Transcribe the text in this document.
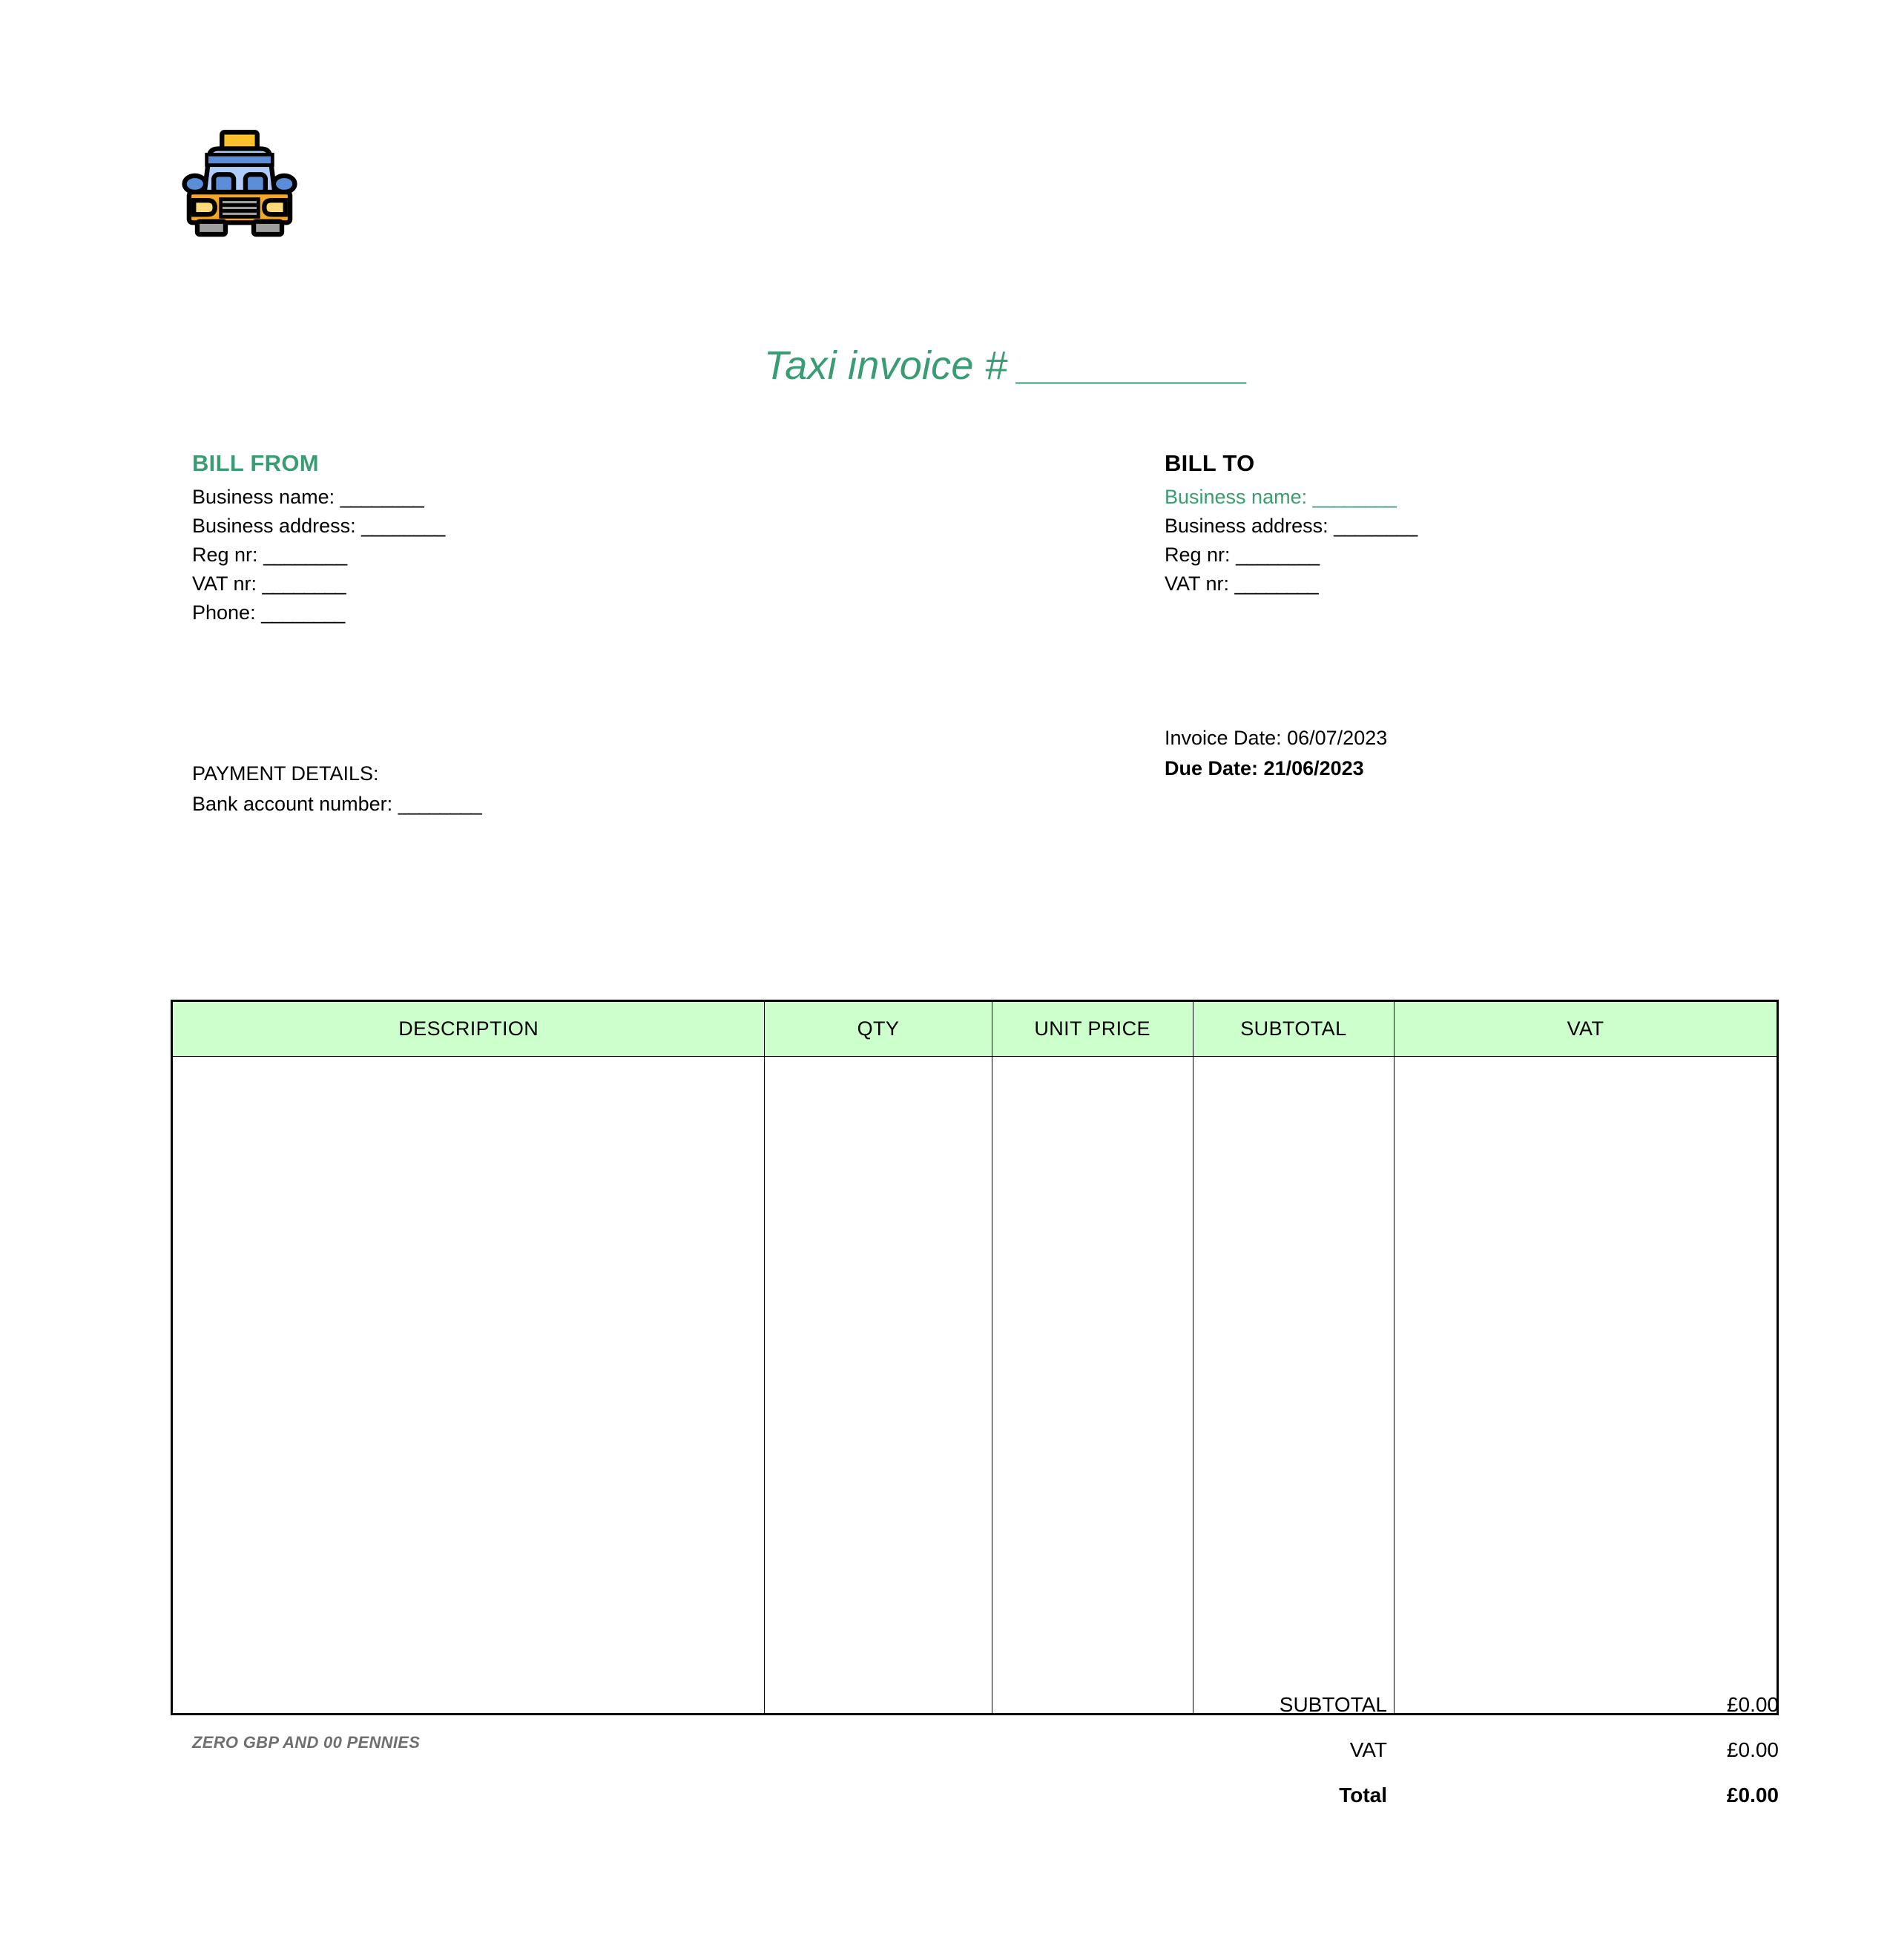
Taxi invoice # ___________
BILL FROM
Business name: ________
Business address: ________
Reg nr: ________
VAT nr: ________
Phone: ________
BILL TO
Business name: ________
Business address: ________
Reg nr: ________
VAT nr: ________
Invoice Date: 06/07/2023
Due Date: 21/06/2023
PAYMENT DETAILS:
Bank account number: ________
DESCRIPTION	QTY	UNIT PRICE	SUBTOTAL	VAT

ZERO GBP AND 00 PENNIES
SUBTOTAL	£0.00
VAT	£0.00
Total	£0.00
